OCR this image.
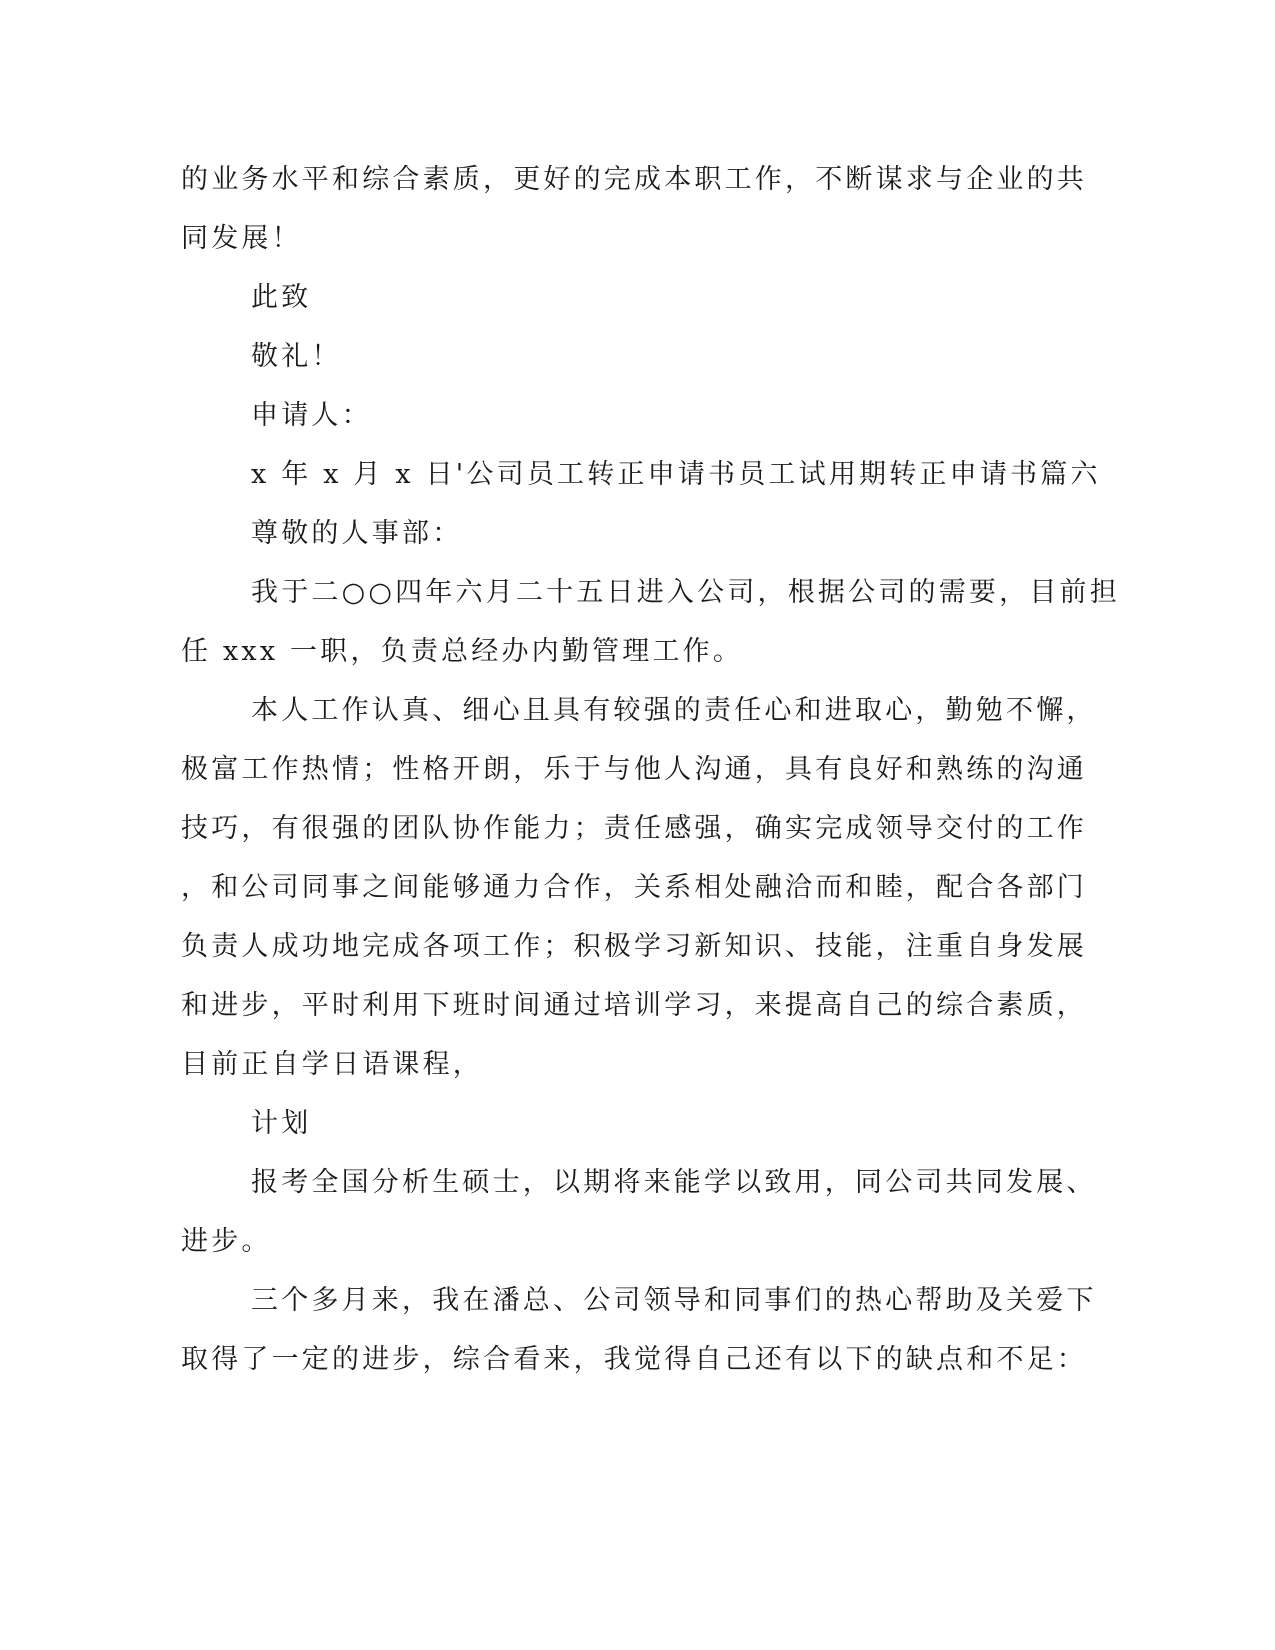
的业务水平和综合素质，更好的完成本职工作，不断谋求与企业的共
同发展！
此致
敬礼！
申请人：
x 年 x 月 x 日'公司员工转正申请书员工试用期转正申请书篇六
尊敬的人事部：
我于二○○四年六月二十五日进入公司，根据公司的需要，目前担
任 xxx 一职，负责总经办内勤管理工作。
本人工作认真、细心且具有较强的责任心和进取心，勤勉不懈，
极富工作热情；性格开朗，乐于与他人沟通，具有良好和熟练的沟通
技巧，有很强的团队协作能力；责任感强，确实完成领导交付的工作
，和公司同事之间能够通力合作，关系相处融洽而和睦，配合各部门
负责人成功地完成各项工作；积极学习新知识、技能，注重自身发展
和进步，平时利用下班时间通过培训学习，来提高自己的综合素质，
目前正自学日语课程，
计划
报考全国分析生硕士，以期将来能学以致用，同公司共同发展、
进步。
三个多月来，我在潘总、公司领导和同事们的热心帮助及关爱下
取得了一定的进步，综合看来，我觉得自己还有以下的缺点和不足：
